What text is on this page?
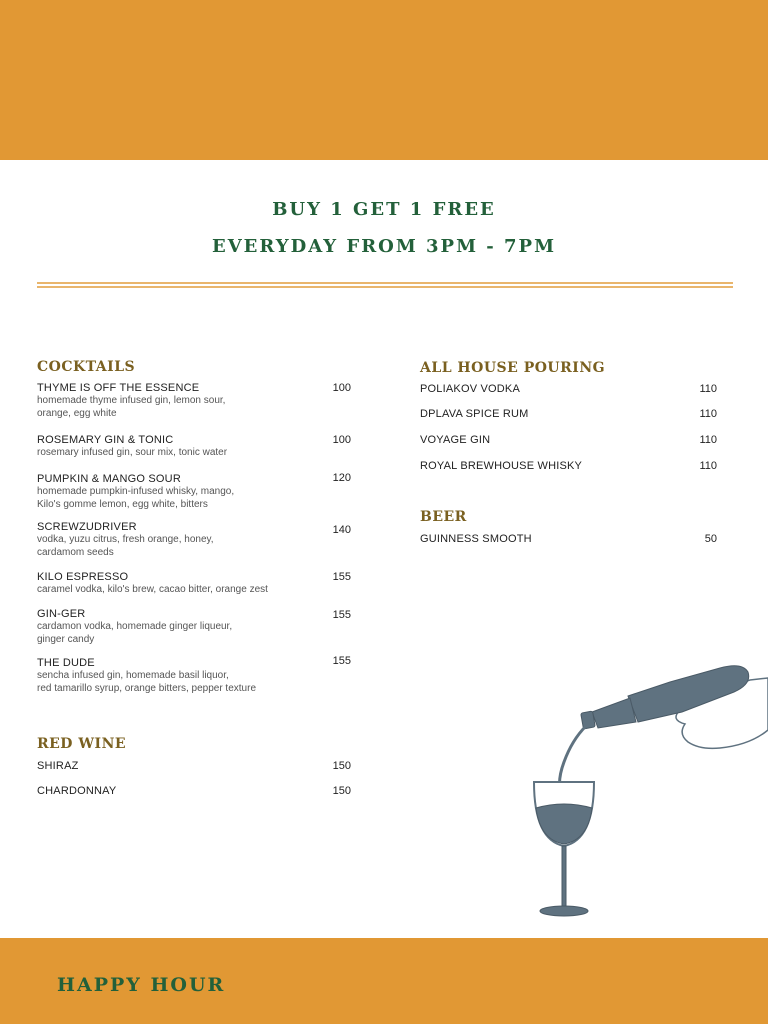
BUY 1 GET 1 FREE
EVERYDAY FROM 3PM - 7PM
COCKTAILS
THYME IS OFF THE ESSENCE
homemade thyme infused gin, lemon sour,
orange, egg white
100
ROSEMARY GIN & TONIC
rosemary infused gin, sour mix, tonic water
100
PUMPKIN & MANGO SOUR
homemade pumpkin-infused whisky, mango,
Kilo's gomme lemon, egg white, bitters
120
SCREWZUDRIVER
vodka, yuzu citrus, fresh orange, honey,
cardamom seeds
140
KILO ESPRESSO
caramel vodka, kilo's brew, cacao bitter, orange zest
155
GIN-GER
cardamon vodka, homemade ginger liqueur,
ginger candy
155
THE DUDE
sencha infused gin, homemade basil liquor,
red tamarillo syrup, orange bitters, pepper texture
155
RED WINE
SHIRAZ	150
CHARDONNAY	150
ALL HOUSE POURING
POLIAKOV VODKA	110
DPLAVA SPICE RUM	110
VOYAGE GIN	110
ROYAL BREWHOUSE WHISKY	110
BEER
GUINNESS SMOOTH	50
HAPPY HOUR
